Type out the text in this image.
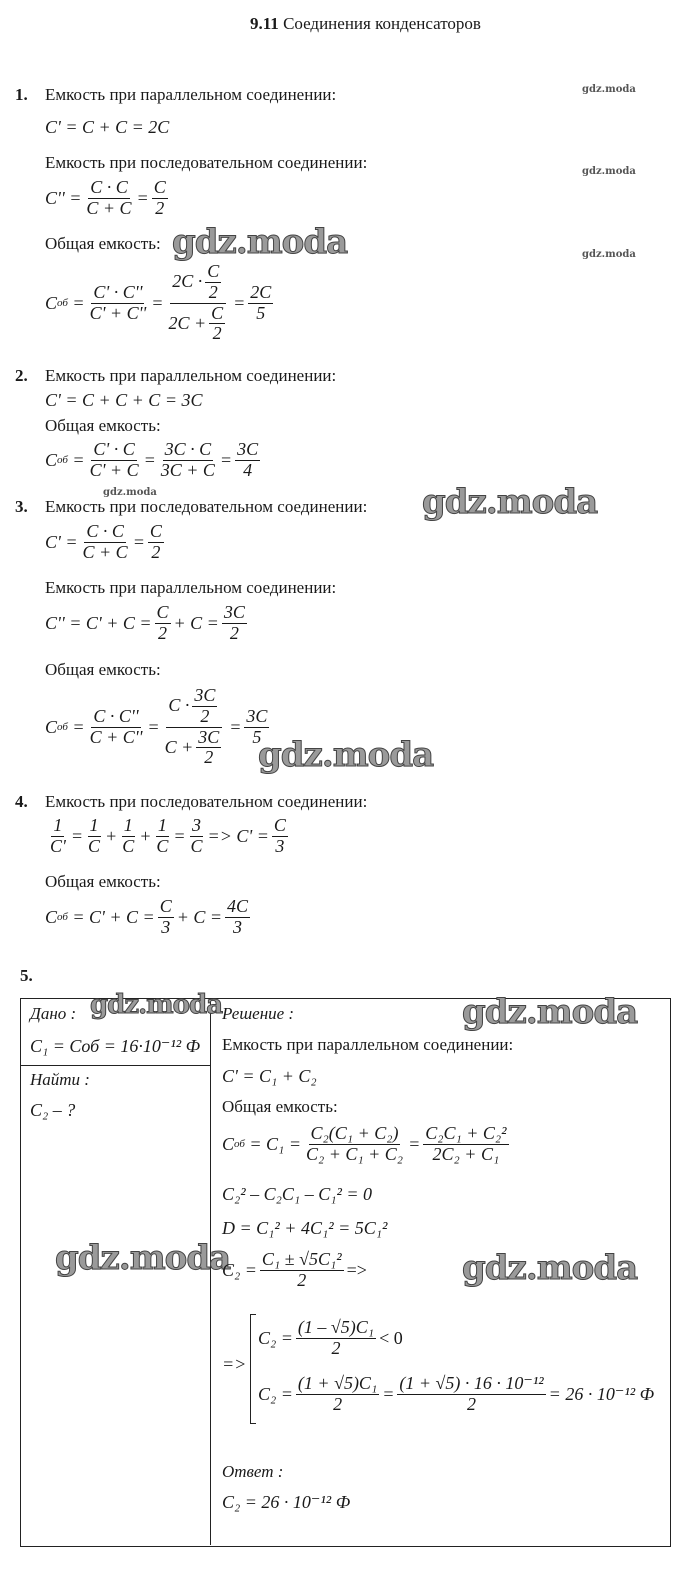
9.11 Соединения конденсаторов
gdz.moda
gdz.moda
gdz.moda
gdz.moda
1. Емкость при параллельном соединении:
C' = C + C = 2C
Емкость при последовательном соединении:
$C'' = \frac{C \cdot C}{C + C} = \frac{C}{2}$
Общая емкость: gdz.moda
C об = $\frac{C' \cdot C''}{C' + C''} = \frac{2C \cdot \frac{C}{2}}{2C + \frac{C}{2}} = \frac{2C}{5}$
2. Емкость при параллельном соединении:
C' = C + C + C = 3C
Общая емкость:
C об = $\frac{C' \cdot C}{C' + C} = \frac{3C \cdot C}{3C + C} = \frac{3C}{4}$
3. Емкость при последовательном соединении: gdz.moda
$C' = \frac{C \cdot C}{C + C} = \frac{C}{2}$
Емкость при параллельном соединении:
$C'' = C' + C = \frac{C}{2} + C = \frac{3C}{2}$
Общая емкость:
C об = $\frac{C \cdot C''}{C + C''} = \frac{C \cdot \frac{3C}{2}}{C + \frac{3C}{2}} = \frac{3C}{5}$
gdz.moda
4. Емкость при последовательном соединении:
$\frac{1}{C'} = \frac{1}{C} + \frac{1}{C} + \frac{1}{C} = \frac{3}{C} => C' = \frac{C}{3}$
Общая емкость:
C об
= $C' + C = \frac{C}{3} + C = \frac{4C}{3}$
5.
Дано : gdz.moda
C₁ = Cоб = 16·10⁻¹² Ф
Найти :
C₂ – ?
gdz.moda
Решение :	gdz.moda
Емкость при параллельном соединении:
C' = C₁ + C₂
Общая емкость:
C об
= $C_1 = \frac{\text{C₂(C₁ + C₂)}}{\text{C₂ + C₁ + C₂}} = \frac{\text{C₂C₁ + C₂²}}{\text{2C₂ + C₁}}$
C₂² – C₂C₁ – C₁² = 0
D = C₁² + 4C₁² = 5C₁²
$C_2 = \frac{\text{C₁ ± √5C₁²}}{2}$ =>	gdz.moda
=>
$C_2 = \frac{\text{(1 – √5)C₁}}{2} < 0$
$C_2 = \frac{\text{(1 + √5)C₁}}{2} = \frac{\text{(1 + √5) · 16 · 10⁻¹²}}{2} = 26 \cdot 10^{-12}$ Ф
Ответ :
C₂ = 26 · 10⁻¹² Ф
